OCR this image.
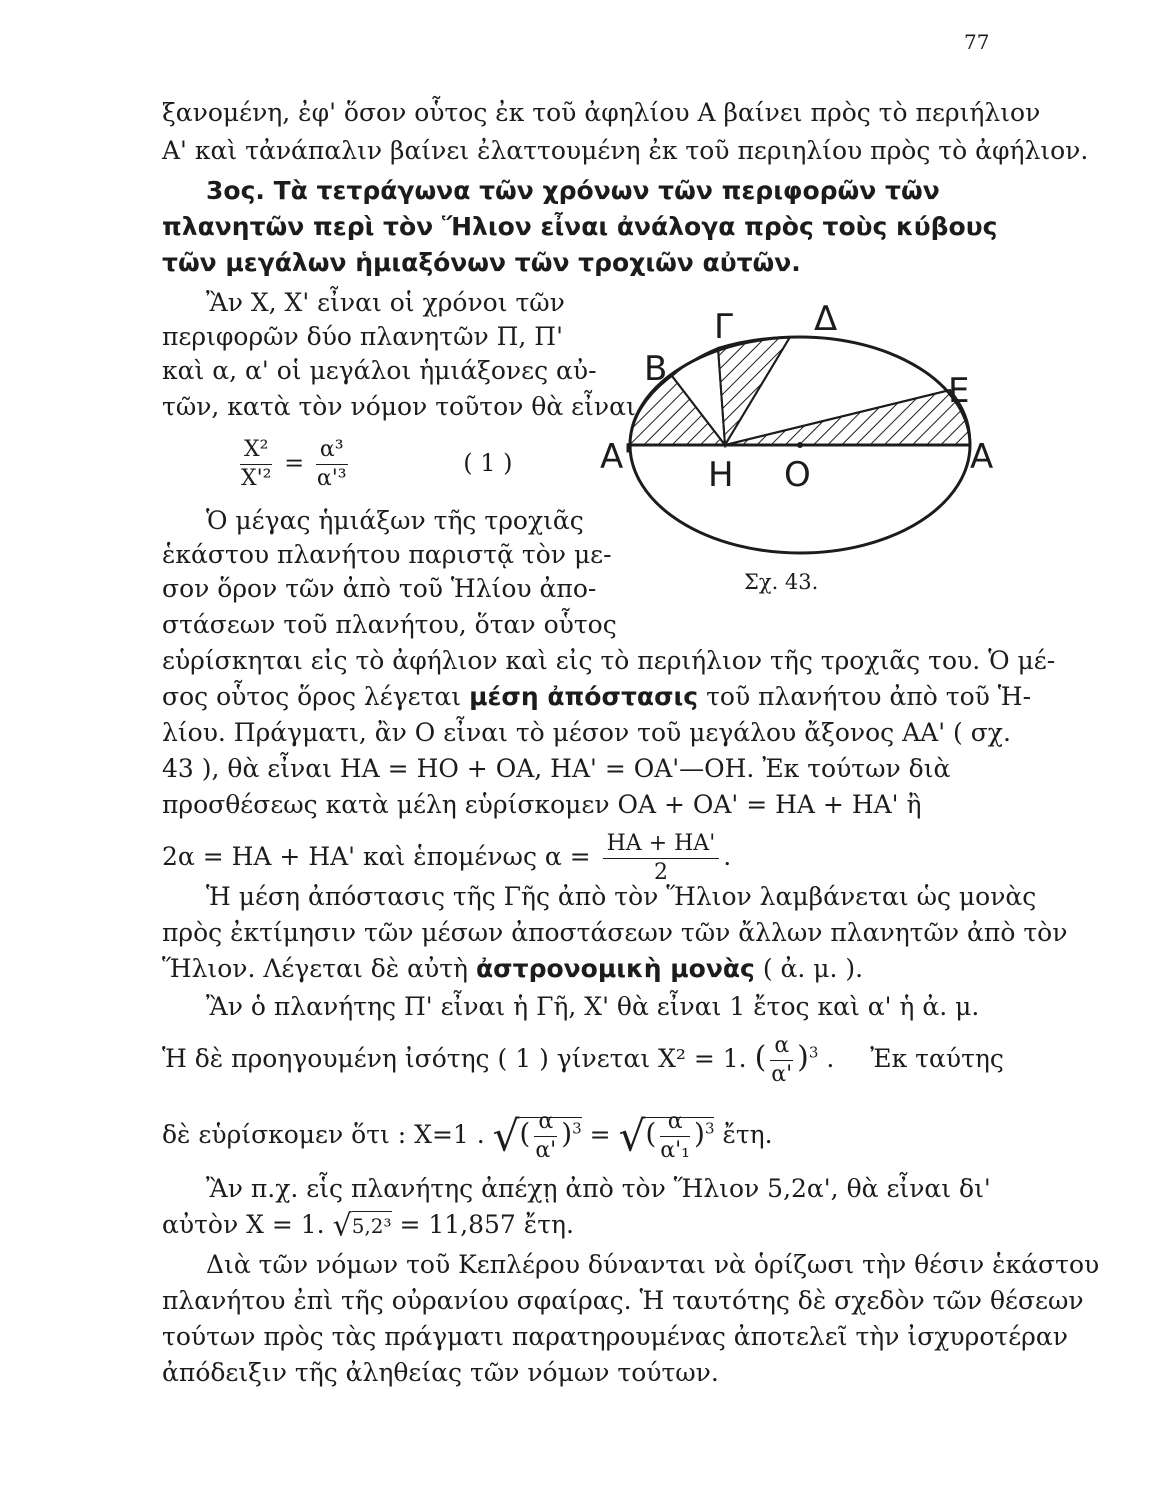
77
ξανομένη, ἐφ' ὅσον οὗτος ἐκ τοῦ ἀφηλίου Α βαίνει πρὸς τὸ περιήλιον
Α' καὶ τἀνάπαλιν βαίνει ἐλαττουμένη ἐκ τοῦ περιηλίου πρὸς τὸ ἀφήλιον.
3ος. Τὰ τετράγωνα τῶν χρόνων τῶν περιφορῶν τῶν
πλανητῶν περὶ τὸν Ἥλιον εἶναι ἀνάλογα πρὸς τοὺς κύβους
τῶν μεγάλων ἡμιαξόνων τῶν τροχιῶν αὐτῶν.
Ἂν Χ, Χ' εἶναι οἱ χρόνοι τῶν
περιφορῶν δύο πλανητῶν Π, Π'
καὶ α, α' οἱ μεγάλοι ἡμιάξονες αὐ-
τῶν, κατὰ τὸν νόμον τοῦτον θὰ εἶναι
$\frac{\text{Χ²}}{\text{Χ'²}} = \frac{\text{α³}}{\text{α'³}}$	( 1 )
Ὁ μέγας ἡμιάξων τῆς τροχιᾶς
ἑκάστου πλανήτου παριστᾷ τὸν με-
σον ὅρον τῶν ἀπὸ τοῦ Ἡλίου ἀπο-
στάσεων τοῦ πλανήτου, ὅταν οὗτος
εὑρίσκηται εἰς τὸ ἀφήλιον καὶ εἰς τὸ περιήλιον τῆς τροχιᾶς του. Ὁ μέ-
σος οὗτος ὅρος λέγεται μέση ἀπόστασις τοῦ πλανήτου ἀπὸ τοῦ Ἡ-
λίου. Πράγματι, ἂν Ο εἶναι τὸ μέσον τοῦ μεγάλου ἄξονος ΑΑ' ( σχ.
43 ), θὰ εἶναι ΗΑ = ΗΟ + ΟΑ, ΗΑ' = ΟΑ'—ΟΗ. Ἐκ τούτων διὰ
προσθέσεως κατὰ μέλη εὑρίσκομεν ΟΑ + ΟΑ' = ΗΑ + ΗΑ' ἢ
2α = ΗΑ + ΗΑ' καὶ ἑπομένως $\alpha = \frac{HA + HA'}{2}$ .
Ἡ μέση ἀπόστασις τῆς Γῆς ἀπὸ τὸν Ἥλιον λαμβάνεται ὡς μονὰς
πρὸς ἐκτίμησιν τῶν μέσων ἀποστάσεων τῶν ἄλλων πλανητῶν ἀπὸ τὸν
Ἥλιον. Λέγεται δὲ αὐτὴ ἀστρονομικὴ μονὰς ( ἀ. μ. ).
Ἂν ὁ πλανήτης Π' εἶναι ἡ Γῆ, Χ' θὰ εἶναι 1 ἔτος καὶ α' ἡ ἀ. μ.
Ἡ δὲ προηγουμένη ἰσότης ( 1 ) γίνεται Χ² = 1. ( $\frac{\alpha}{\alpha'} )^3$ . Ἐκ ταύτης
δὲ εὑρίσκομεν ὅτι : Χ=1 . √( $\frac{\alpha}{\alpha'} )^3$ = √( $\frac{\alpha}{\text{α'₁}} )^3$ ἔτη.
Ἂν π.χ. εἷς πλανήτης ἀπέχῃ ἀπὸ τὸν Ἥλιον 5,2α', θὰ εἶναι δι'
αὐτὸν Χ = 1. √5,2³ = 11,857 ἔτη.
Διὰ τῶν νόμων τοῦ Κεπλέρου δύνανται νὰ ὁρίζωσι τὴν θέσιν ἑκάστου
πλανήτου ἐπὶ τῆς οὐρανίου σφαίρας. Ἡ ταυτότης δὲ σχεδὸν τῶν θέσεων
τούτων πρὸς τὰς πράγματι παρατηρουμένας ἀποτελεῖ τὴν ἰσχυροτέραν
ἀπόδειξιν τῆς ἀληθείας τῶν νόμων τούτων.
Β
Γ Δ
Ε
Α'	Α
Η Ο
Σχ. 43.
